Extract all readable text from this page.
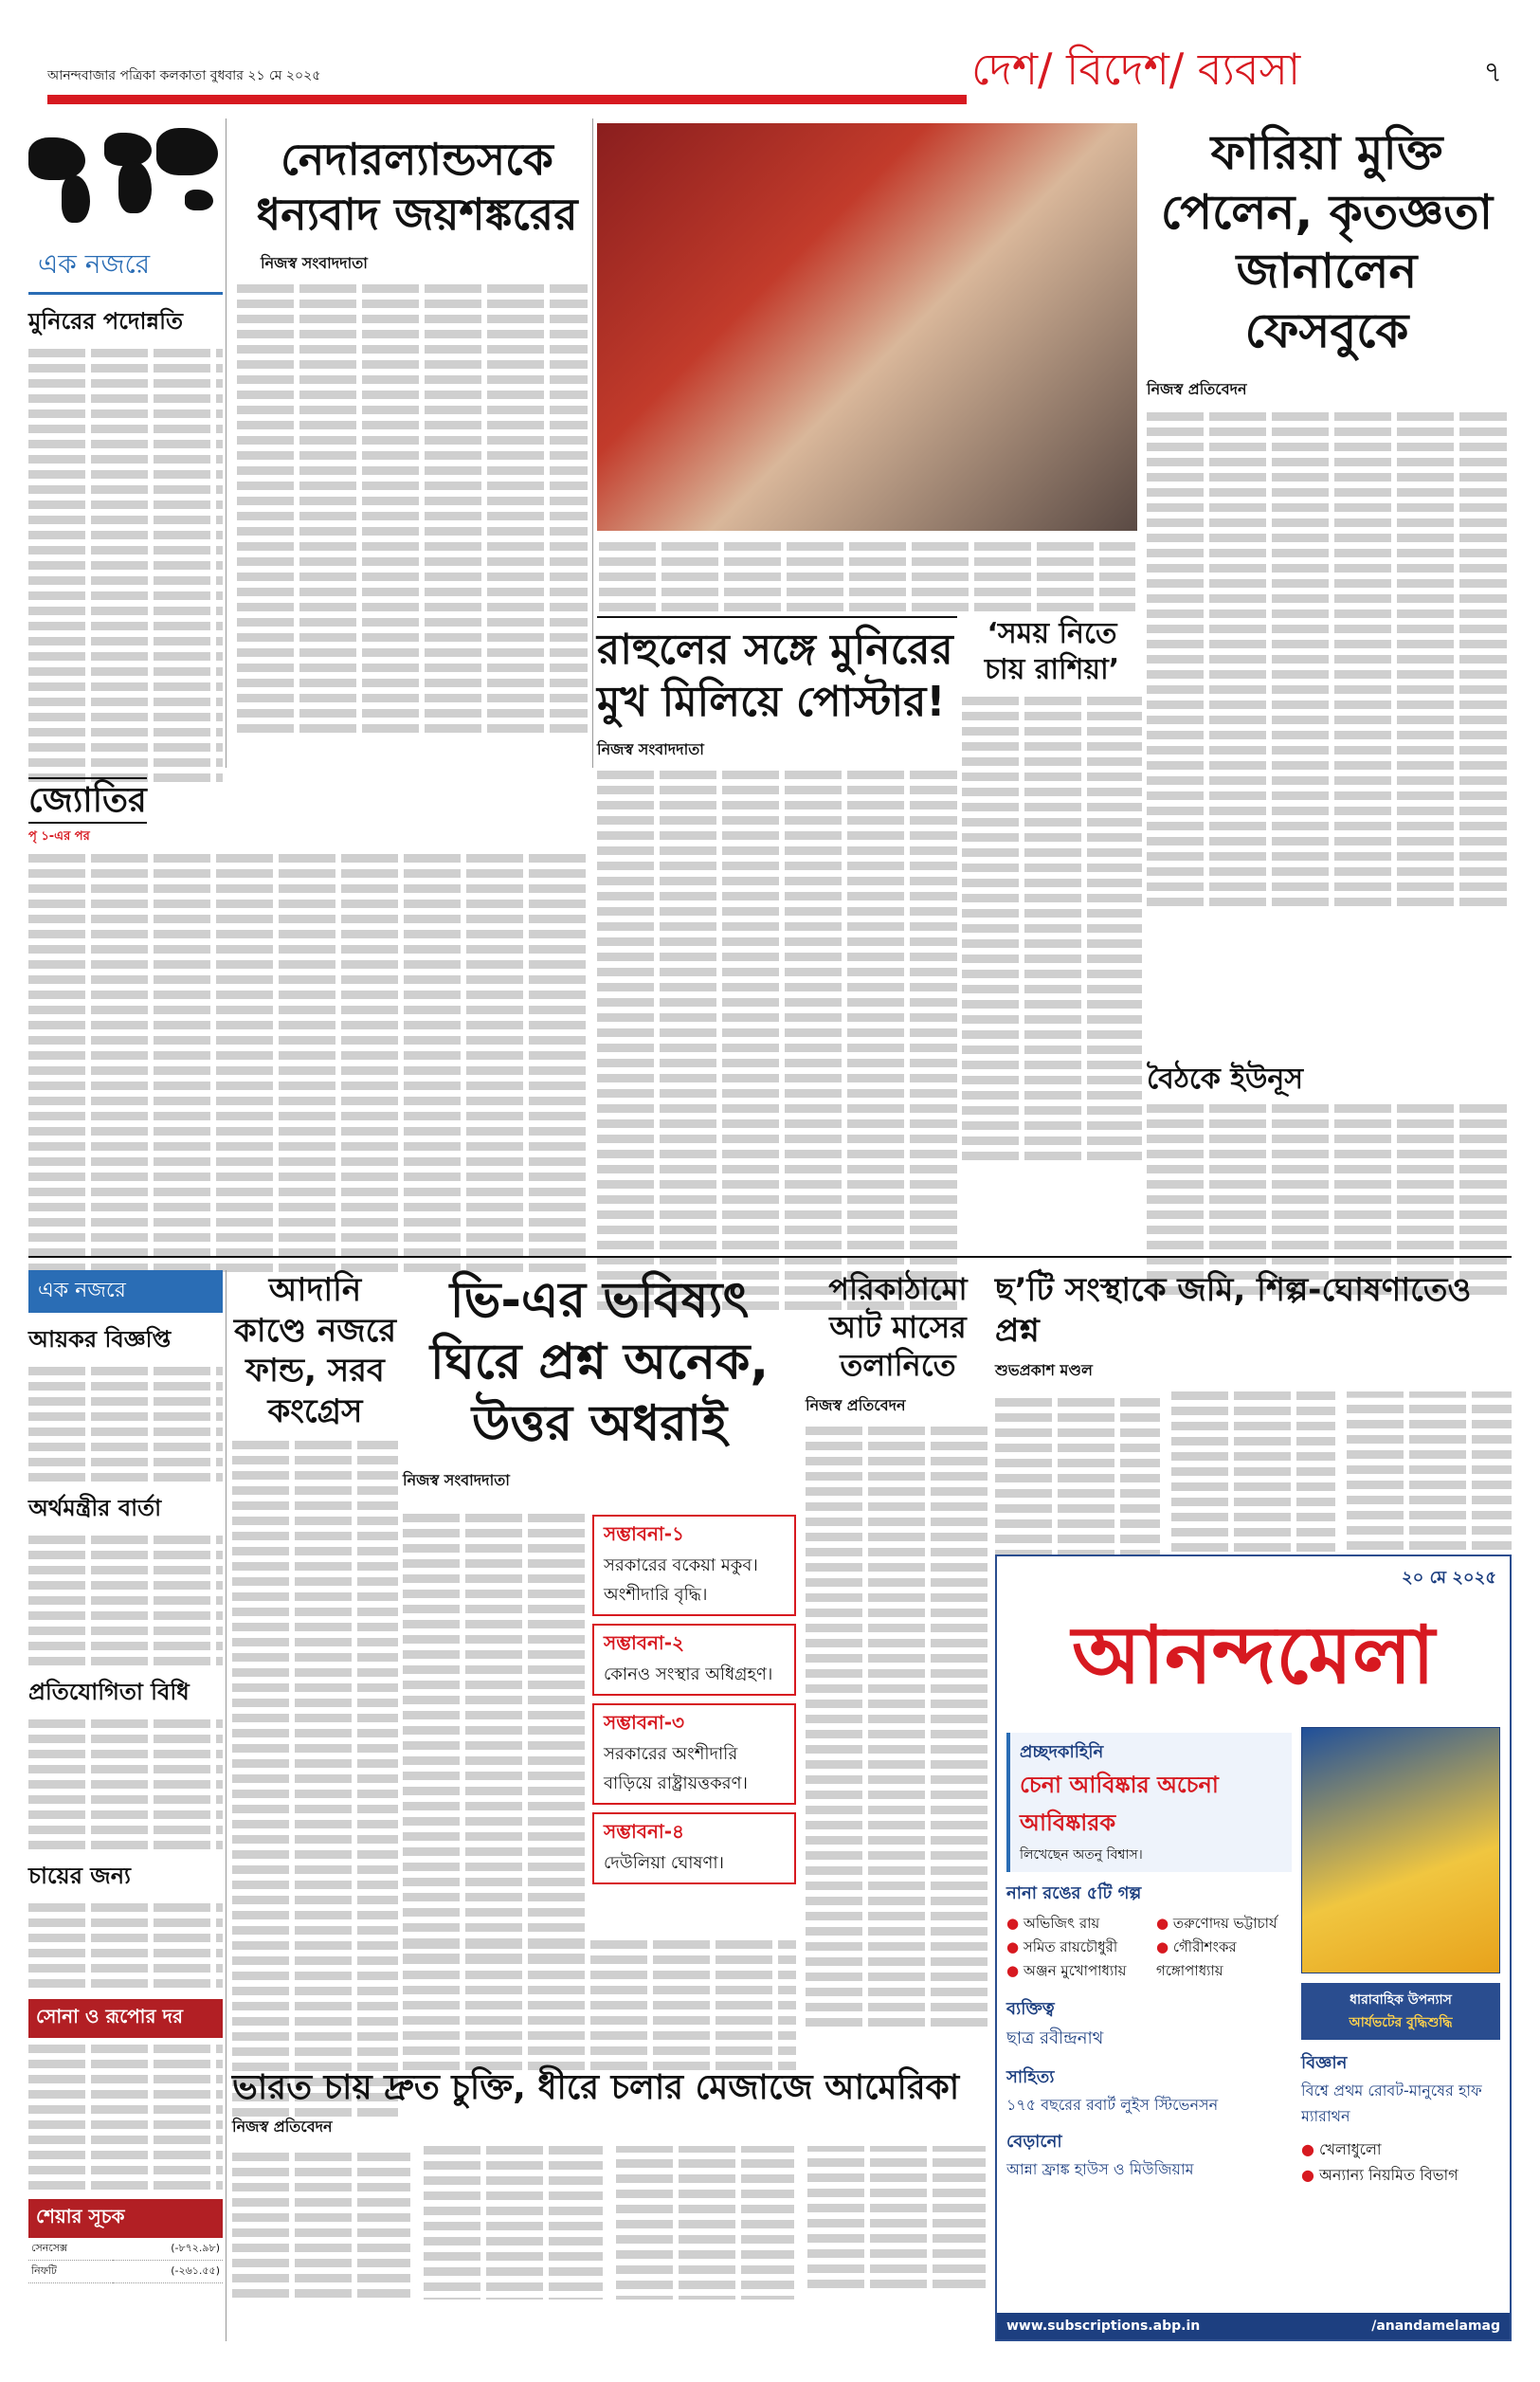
আনন্দবাজার পত্রিকা কলকাতা বুধবার ২১ মে ২০২৫	দেশ/ বিদেশ/ ব্যবসা	৭
এক নজরে
মুনিরের পদোন্নতি
নেদারল্যান্ডসকে ধন্যবাদ জয়শঙ্করের
নিজস্ব সংবাদদাতা
ফারিয়া মুক্তি পেলেন, কৃতজ্ঞতা জানালেন ফেসবুকে
নিজস্ব প্রতিবেদন
রাহুলের সঙ্গে মুনিরের মুখ মিলিয়ে পোস্টার!
নিজস্ব সংবাদদাতা
‘সময় নিতে চায় রাশিয়া’
জ্যোতির
পৃ ১-এর পর
বৈঠকে ইউনূস
এক নজরে
আয়কর বিজ্ঞপ্তি
অর্থমন্ত্রীর বার্তা
প্রতিযোগিতা বিধি
চায়ের জন্য
সোনা ও রূপোর দর
শেয়ার সূচক
সেনসেক্স	(-৮৭২.৯৮)
নিফটি	(-২৬১.৫৫)
আদানি কাণ্ডে নজরে ফান্ড, সরব কংগ্রেস
ভি-এর ভবিষ্যৎ ঘিরে প্রশ্ন অনেক, উত্তর অধরাই
নিজস্ব সংবাদদাতা
সম্ভাবনা-১
সরকারের বকেয়া মকুব। অংশীদারি বৃদ্ধি।
সম্ভাবনা-২
কোনও সংস্থার অধিগ্রহণ।
সম্ভাবনা-৩
সরকারের অংশীদারি বাড়িয়ে রাষ্ট্রায়ত্তকরণ।
সম্ভাবনা-৪
দেউলিয়া ঘোষণা।
পরিকাঠামো আট মাসের তলানিতে
নিজস্ব প্রতিবেদন
ছ’টি সংস্থাকে জমি, শিল্প-ঘোষণাতেও প্রশ্ন
শুভপ্রকাশ মণ্ডল
২০ মে ২০২৫
আনন্দমেলা
প্রচ্ছদকাহিনি
চেনা আবিষ্কার অচেনা আবিষ্কারক
লিখেছেন অতনু বিশ্বাস।
নানা রঙের ৫টি গল্প
● অভিজিৎ রায়
● সমিত রায়চৌধুরী
● অঞ্জন মুখোপাধ্যায়
● তরুণোদয় ভট্টাচার্য
● গৌরীশংকর গঙ্গোপাধ্যায়
ব্যক্তিত্ব
ছাত্র রবীন্দ্রনাথ
সাহিত্য
১৭৫ বছরের রবার্ট লুইস স্টিভেনসন
বেড়ানো
আন্না ফ্রাঙ্ক হাউস ও মিউজিয়াম
ধারাবাহিক উপন্যাস
আর্যভটের বুদ্ধিশুদ্ধি
বিজ্ঞান
বিশ্বে প্রথম রোবট-মানুষের হাফ ম্যারাথন
● খেলাধুলো
● অন্যান্য নিয়মিত বিভাগ
www.subscriptions.abp.in	/anandamelamag
ভারত চায় দ্রুত চুক্তি, ধীরে চলার মেজাজে আমেরিকা
নিজস্ব প্রতিবেদন
